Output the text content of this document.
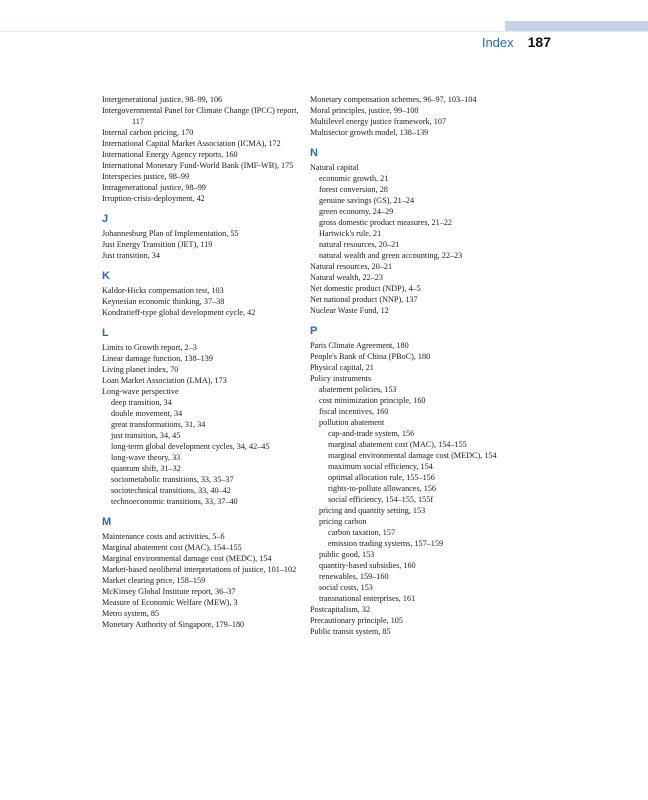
Index 187
Intergenerational justice, 98–99, 106
Intergovernmental Panel for Climate Change (IPCC) report, 117
Internal carbon pricing, 170
International Capital Market Association (ICMA), 172
International Energy Agency reports, 160
International Monetary Fund-World Bank (IMF-WB), 175
Interspecies justice, 98–99
Intragenerational justice, 98–99
Irruption-crisis-deployment, 42
J
Johannesburg Plan of Implementation, 55
Just Energy Transition (JET), 119
Just transition, 34
K
Kaldor-Hicks compensation test, 103
Keynesian economic thinking, 37–38
Kondratieff-type global development cycle, 42
L
Limits to Growth report, 2–3
Linear damage function, 138–139
Living planet index, 70
Loan Market Association (LMA), 173
Long-wave perspective
deep transition, 34
double movement, 34
great transformations, 31, 34
just transition, 34, 45
long-term global development cycles, 34, 42–45
long-wave theory, 33
quantum shift, 31–32
sociometabolic transitions, 33, 35–37
sociotechnical transitions, 33, 40–42
technoeconomic transitions, 33, 37–40
M
Maintenance costs and activities, 5–6
Marginal abatement cost (MAC), 154–155
Marginal environmental damage cost (MEDC), 154
Market-based neoliberal interpretations of justice, 101–102
Market clearing price, 158–159
McKinsey Global Institute report, 36–37
Measure of Economic Welfare (MEW), 3
Metro system, 85
Monetary Authority of Singapore, 179–180
Monetary compensation schemes, 96–97, 103–104
Moral principles, justice, 99–100
Multilevel energy justice framework, 107
Multisector growth model, 138–139
N
Natural capital
economic growth, 21
forest conversion, 28
genuine savings (GS), 21–24
green economy, 24–29
gross domestic product measures, 21–22
Hartwick's rule, 21
natural resources, 20–21
natural wealth and green accounting, 22–23
Natural resources, 20–21
Natural wealth, 22–23
Net domestic product (NDP), 4–5
Net national product (NNP), 137
Nuclear Waste Fund, 12
P
Paris Climate Agreement, 180
People's Bank of China (PBoC), 180
Physical capital, 21
Policy instruments
abatement policies, 153
cost minimization principle, 160
fiscal incentives, 160
pollution abatement
cap-and-trade system, 156
marginal abatement cost (MAC), 154–155
marginal environmental damage cost (MEDC), 154
maximum social efficiency, 154
optimal allocation rule, 155–156
rights-to-pollute allowances, 156
social efficiency, 154–155, 155f
pricing and quantity setting, 153
pricing carbon
carbon taxation, 157
emission trading systems, 157–159
public good, 153
quantity-based subsidies, 160
renewables, 159–160
social costs, 153
transnational enterprises, 161
Postcapitalism, 32
Precautionary principle, 105
Public transit system, 85
